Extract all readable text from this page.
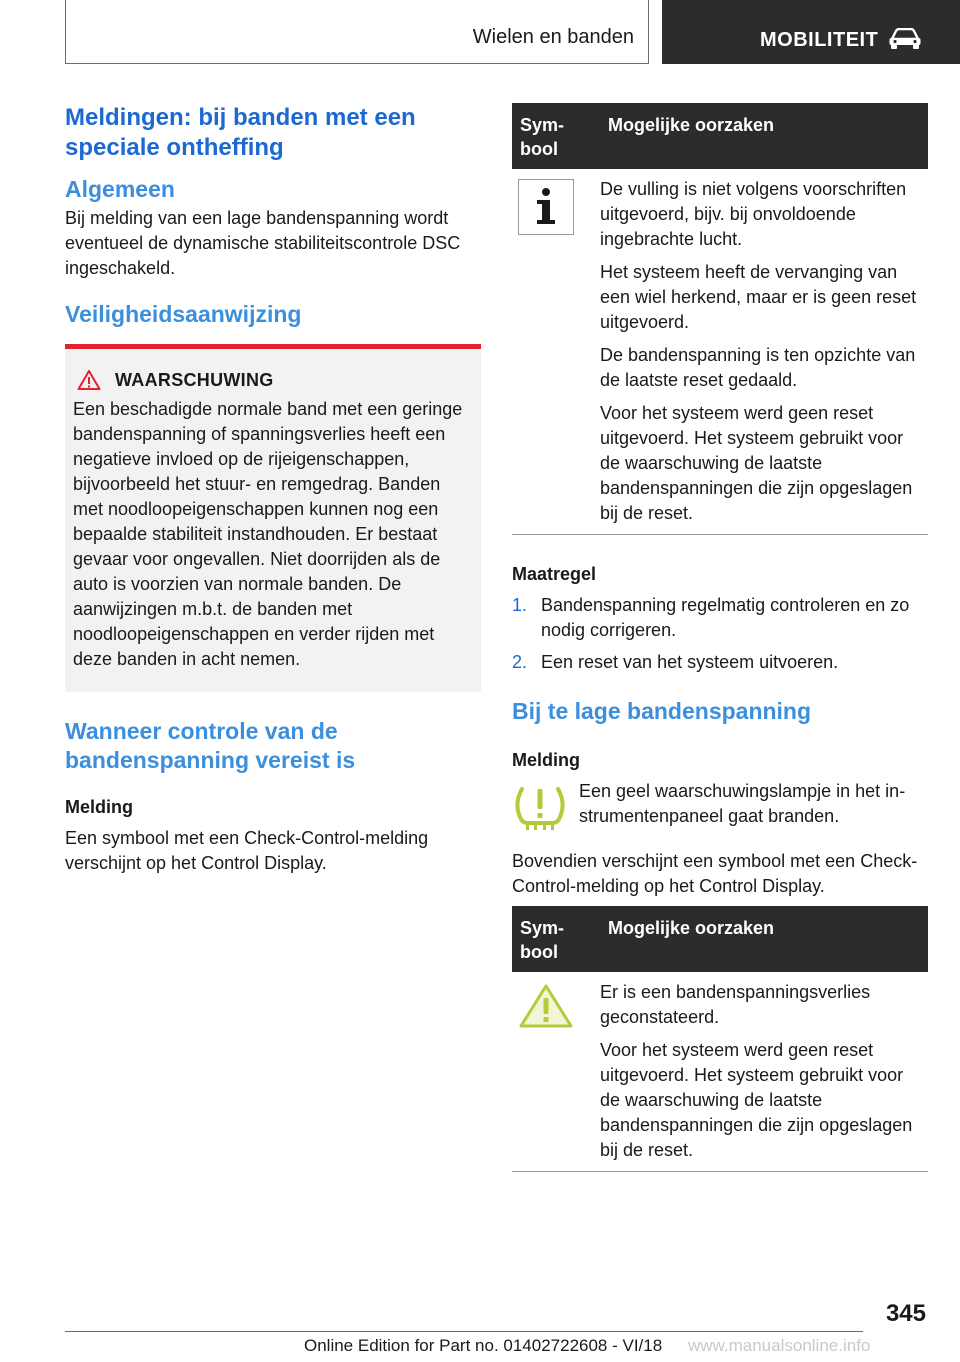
Wielen en banden	MOBILITEIT
Meldingen: bij banden met een speciale ontheffing
Algemeen

Bij melding van een lage bandenspanning wordt eventueel de dynamische stabiliteitscontrole DSC ingeschakeld.

Veiligheidsaanwijzing
WAARSCHUWING

Een beschadigde normale band met een geringe bandenspanning of spanningsverlies heeft een negatieve invloed op de rijeigenschappen, bijvoorbeeld het stuur- en remgedrag. Banden met noodloopeigenschappen kunnen nog een bepaalde stabiliteit instandhouden. Er bestaat gevaar voor ongevallen. Niet doorrijden als de auto is voorzien van normale banden. De aanwijzingen m.b.t. de banden met noodloopeigenschappen en verder rijden met deze banden in acht nemen.

Wanneer controle van de bandenspanning vereist is

Melding

Een symbool met een Check-Control-melding verschijnt op het Control Display.

Symbool	Mogelijke oorzaken

De vulling is niet volgens voorschriften uitgevoerd, bijv. bij onvoldoende ingebrachte lucht.

Het systeem heeft de vervanging van een wiel herkend, maar er is geen reset uitgevoerd.

De bandenspanning is ten opzichte van de laatste reset gedaald.

Voor het systeem werd geen reset uitgevoerd. Het systeem gebruikt voor de waarschuwing de laatste bandenspanningen die zijn opgeslagen bij de reset.

Maatregel

1. Bandenspanning regelmatig controleren en zo nodig corrigeren.
2. Een reset van het systeem uitvoeren.
Bij te lage bandenspanning

Melding

Een geel waarschuwingslampje in het instrumentenpaneel gaat branden.

Bovendien verschijnt een symbool met een Check-Control-melding op het Control Display.

Symbool	Mogelijke oorzaken

Er is een bandenspanningsverlies geconstateerd.

Voor het systeem werd geen reset uitgevoerd. Het systeem gebruikt voor de waarschuwing de laatste bandenspanningen die zijn opgeslagen bij de reset.

345
Online Edition for Part no. 01402722608 - VI/18 www.manualsonline.info
